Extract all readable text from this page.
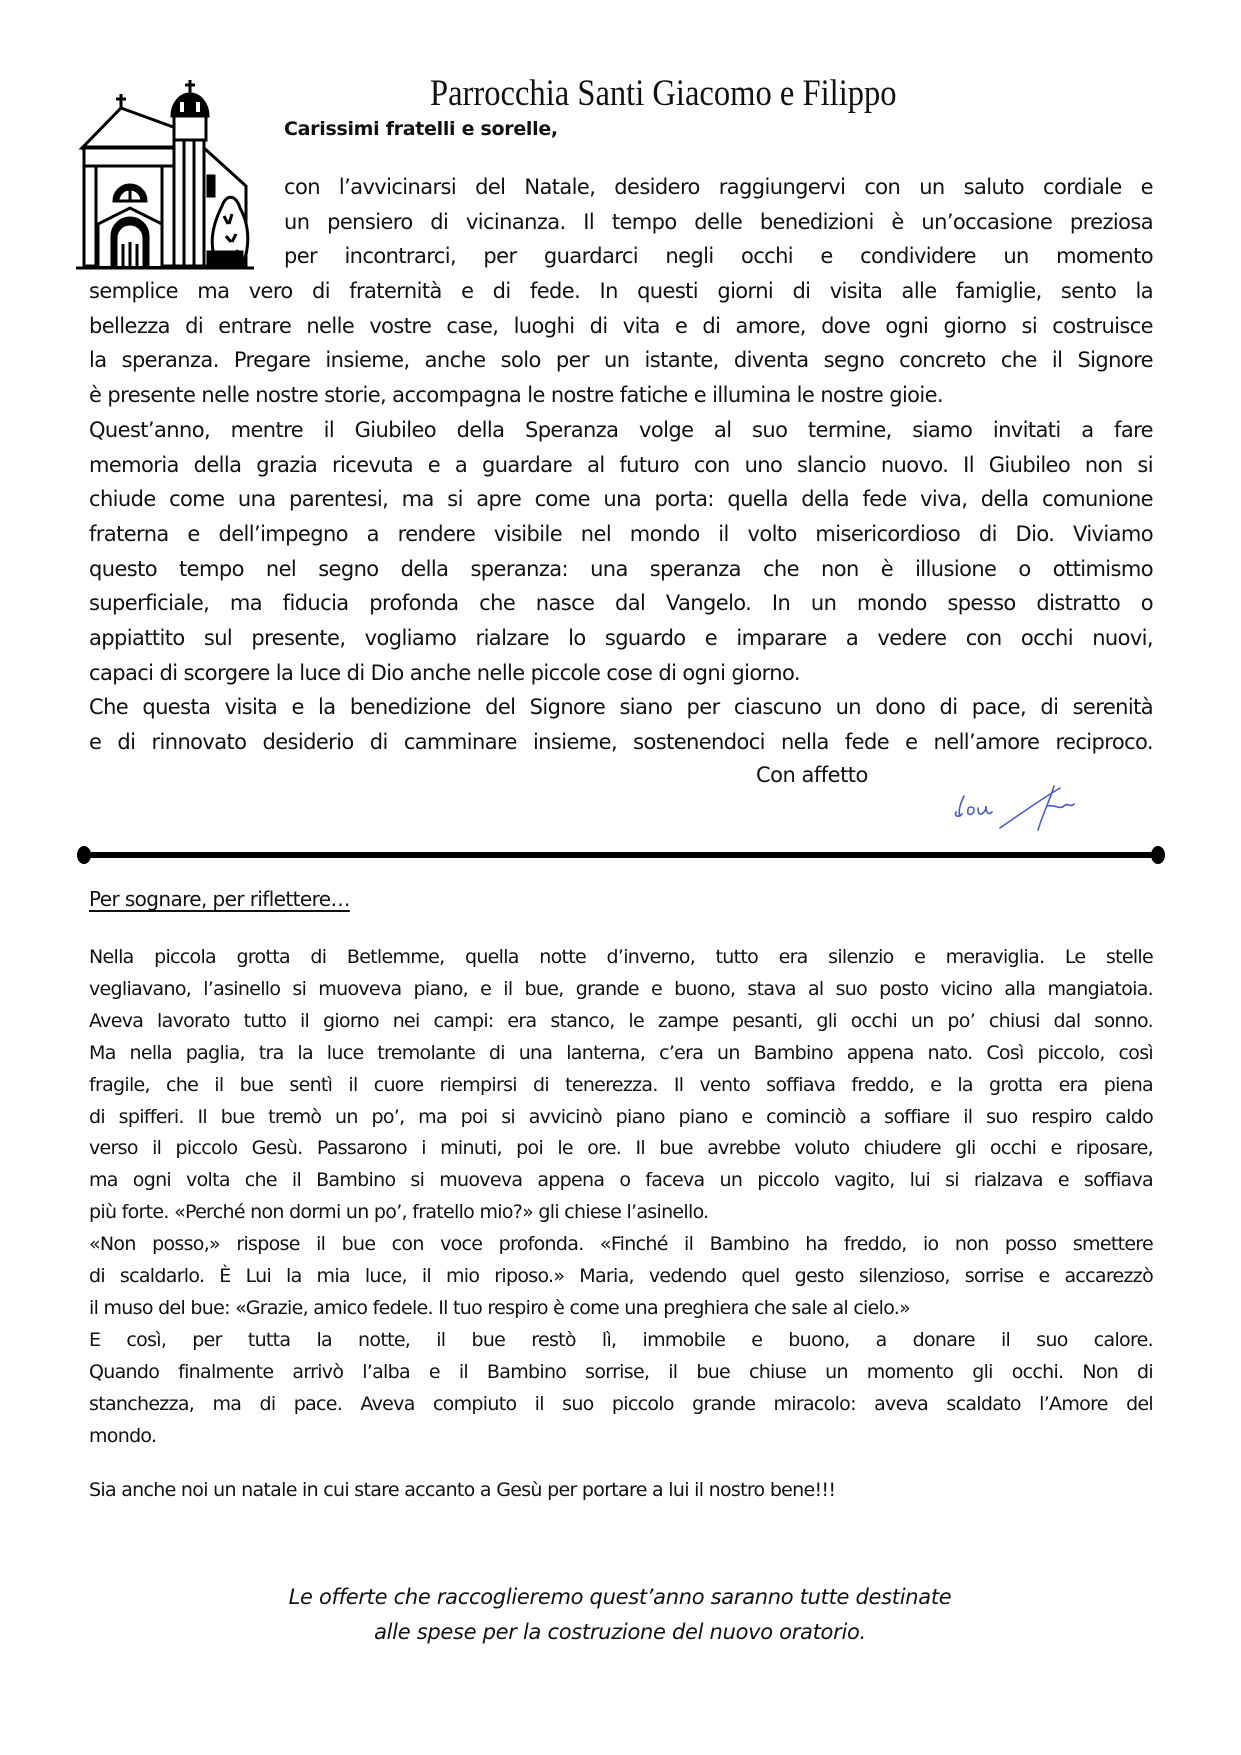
Parrocchia Santi Giacomo e Filippo
Carissimi fratelli e sorelle,
con l’avvicinarsi del Natale, desidero raggiungervi con un saluto cordiale e
un pensiero di vicinanza. Il tempo delle benedizioni è un’occasione preziosa
per incontrarci, per guardarci negli occhi e condividere un momento
semplice ma vero di fraternità e di fede. In questi giorni di visita alle famiglie, sento la
bellezza di entrare nelle vostre case, luoghi di vita e di amore, dove ogni giorno si costruisce
la speranza. Pregare insieme, anche solo per un istante, diventa segno concreto che il Signore
è presente nelle nostre storie, accompagna le nostre fatiche e illumina le nostre gioie.
Quest’anno, mentre il Giubileo della Speranza volge al suo termine, siamo invitati a fare
memoria della grazia ricevuta e a guardare al futuro con uno slancio nuovo. Il Giubileo non si
chiude come una parentesi, ma si apre come una porta: quella della fede viva, della comunione
fraterna e dell’impegno a rendere visibile nel mondo il volto misericordioso di Dio. Viviamo
questo tempo nel segno della speranza: una speranza che non è illusione o ottimismo
superficiale, ma fiducia profonda che nasce dal Vangelo. In un mondo spesso distratto o
appiattito sul presente, vogliamo rialzare lo sguardo e imparare a vedere con occhi nuovi,
capaci di scorgere la luce di Dio anche nelle piccole cose di ogni giorno.
Che questa visita e la benedizione del Signore siano per ciascuno un dono di pace, di serenità
e di rinnovato desiderio di camminare insieme, sostenendoci nella fede e nell’amore reciproco.
Con affetto
Per sognare, per riflettere…
Nella piccola grotta di Betlemme, quella notte d’inverno, tutto era silenzio e meraviglia. Le stelle
vegliavano, l’asinello si muoveva piano, e il bue, grande e buono, stava al suo posto vicino alla mangiatoia.
Aveva lavorato tutto il giorno nei campi: era stanco, le zampe pesanti, gli occhi un po’ chiusi dal sonno.
Ma nella paglia, tra la luce tremolante di una lanterna, c’era un Bambino appena nato. Così piccolo, così
fragile, che il bue sentì il cuore riempirsi di tenerezza. Il vento soffiava freddo, e la grotta era piena
di spifferi. Il bue tremò un po’, ma poi si avvicinò piano piano e cominciò a soffiare il suo respiro caldo
verso il piccolo Gesù. Passarono i minuti, poi le ore. Il bue avrebbe voluto chiudere gli occhi e riposare,
ma ogni volta che il Bambino si muoveva appena o faceva un piccolo vagito, lui si rialzava e soffiava
più forte. «Perché non dormi un po’, fratello mio?» gli chiese l’asinello.
«Non posso,» rispose il bue con voce profonda. «Finché il Bambino ha freddo, io non posso smettere
di scaldarlo. È Lui la mia luce, il mio riposo.» Maria, vedendo quel gesto silenzioso, sorrise e accarezzò
il muso del bue: «Grazie, amico fedele. Il tuo respiro è come una preghiera che sale al cielo.»
E così, per tutta la notte, il bue restò lì, immobile e buono, a donare il suo calore.
Quando finalmente arrivò l’alba e il Bambino sorrise, il bue chiuse un momento gli occhi. Non di
stanchezza, ma di pace. Aveva compiuto il suo piccolo grande miracolo: aveva scaldato l’Amore del
mondo.
Sia anche noi un natale in cui stare accanto a Gesù per portare a lui il nostro bene!!!
Le offerte che raccoglieremo quest’anno saranno tutte destinate
alle spese per la costruzione del nuovo oratorio.
